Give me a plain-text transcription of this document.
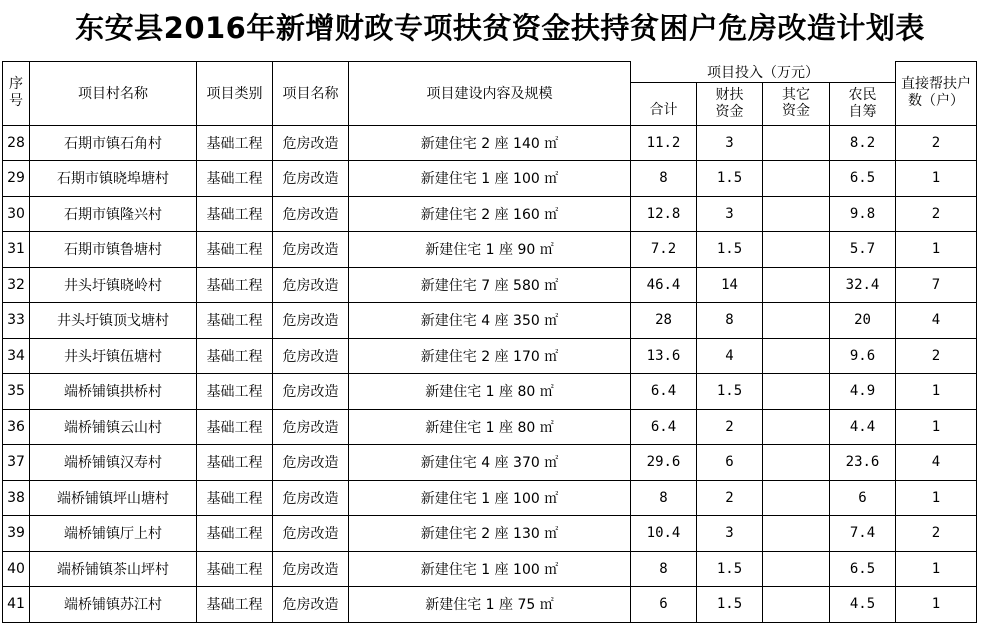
东安县2016年新增财政专项扶贫资金扶持贫困户危房改造计划表
序号	项目村名称	项目类别	项目名称	项目建设内容及规模	项目投入（万元）				直接帮扶户数（户）
					合计	财扶资金	其它资金	农民自筹	
28	石期市镇石角村	基础工程	危房改造	新建住宅 2 座 140 ㎡	11.2	3		8.2	2
29	石期市镇晓埠塘村	基础工程	危房改造	新建住宅 1 座 100 ㎡	8	1.5		6.5	1
30	石期市镇隆兴村	基础工程	危房改造	新建住宅 2 座 160 ㎡	12.8	3		9.8	2
31	石期市镇鲁塘村	基础工程	危房改造	新建住宅 1 座 90 ㎡	7.2	1.5		5.7	1
32	井头圩镇晓岭村	基础工程	危房改造	新建住宅 7 座 580 ㎡	46.4	14		32.4	7
33	井头圩镇顶戈塘村	基础工程	危房改造	新建住宅 4 座 350 ㎡	28	8		20	4
34	井头圩镇伍塘村	基础工程	危房改造	新建住宅 2 座 170 ㎡	13.6	4		9.6	2
35	端桥铺镇拱桥村	基础工程	危房改造	新建住宅 1 座 80 ㎡	6.4	1.5		4.9	1
36	端桥铺镇云山村	基础工程	危房改造	新建住宅 1 座 80 ㎡	6.4	2		4.4	1
37	端桥铺镇汉寿村	基础工程	危房改造	新建住宅 4 座 370 ㎡	29.6	6		23.6	4
38	端桥铺镇坪山塘村	基础工程	危房改造	新建住宅 1 座 100 ㎡	8	2		6	1
39	端桥铺镇厅上村	基础工程	危房改造	新建住宅 2 座 130 ㎡	10.4	3		7.4	2
40	端桥铺镇茶山坪村	基础工程	危房改造	新建住宅 1 座 100 ㎡	8	1.5		6.5	1
41	端桥铺镇苏江村	基础工程	危房改造	新建住宅 1 座 75 ㎡	6	1.5		4.5	1
